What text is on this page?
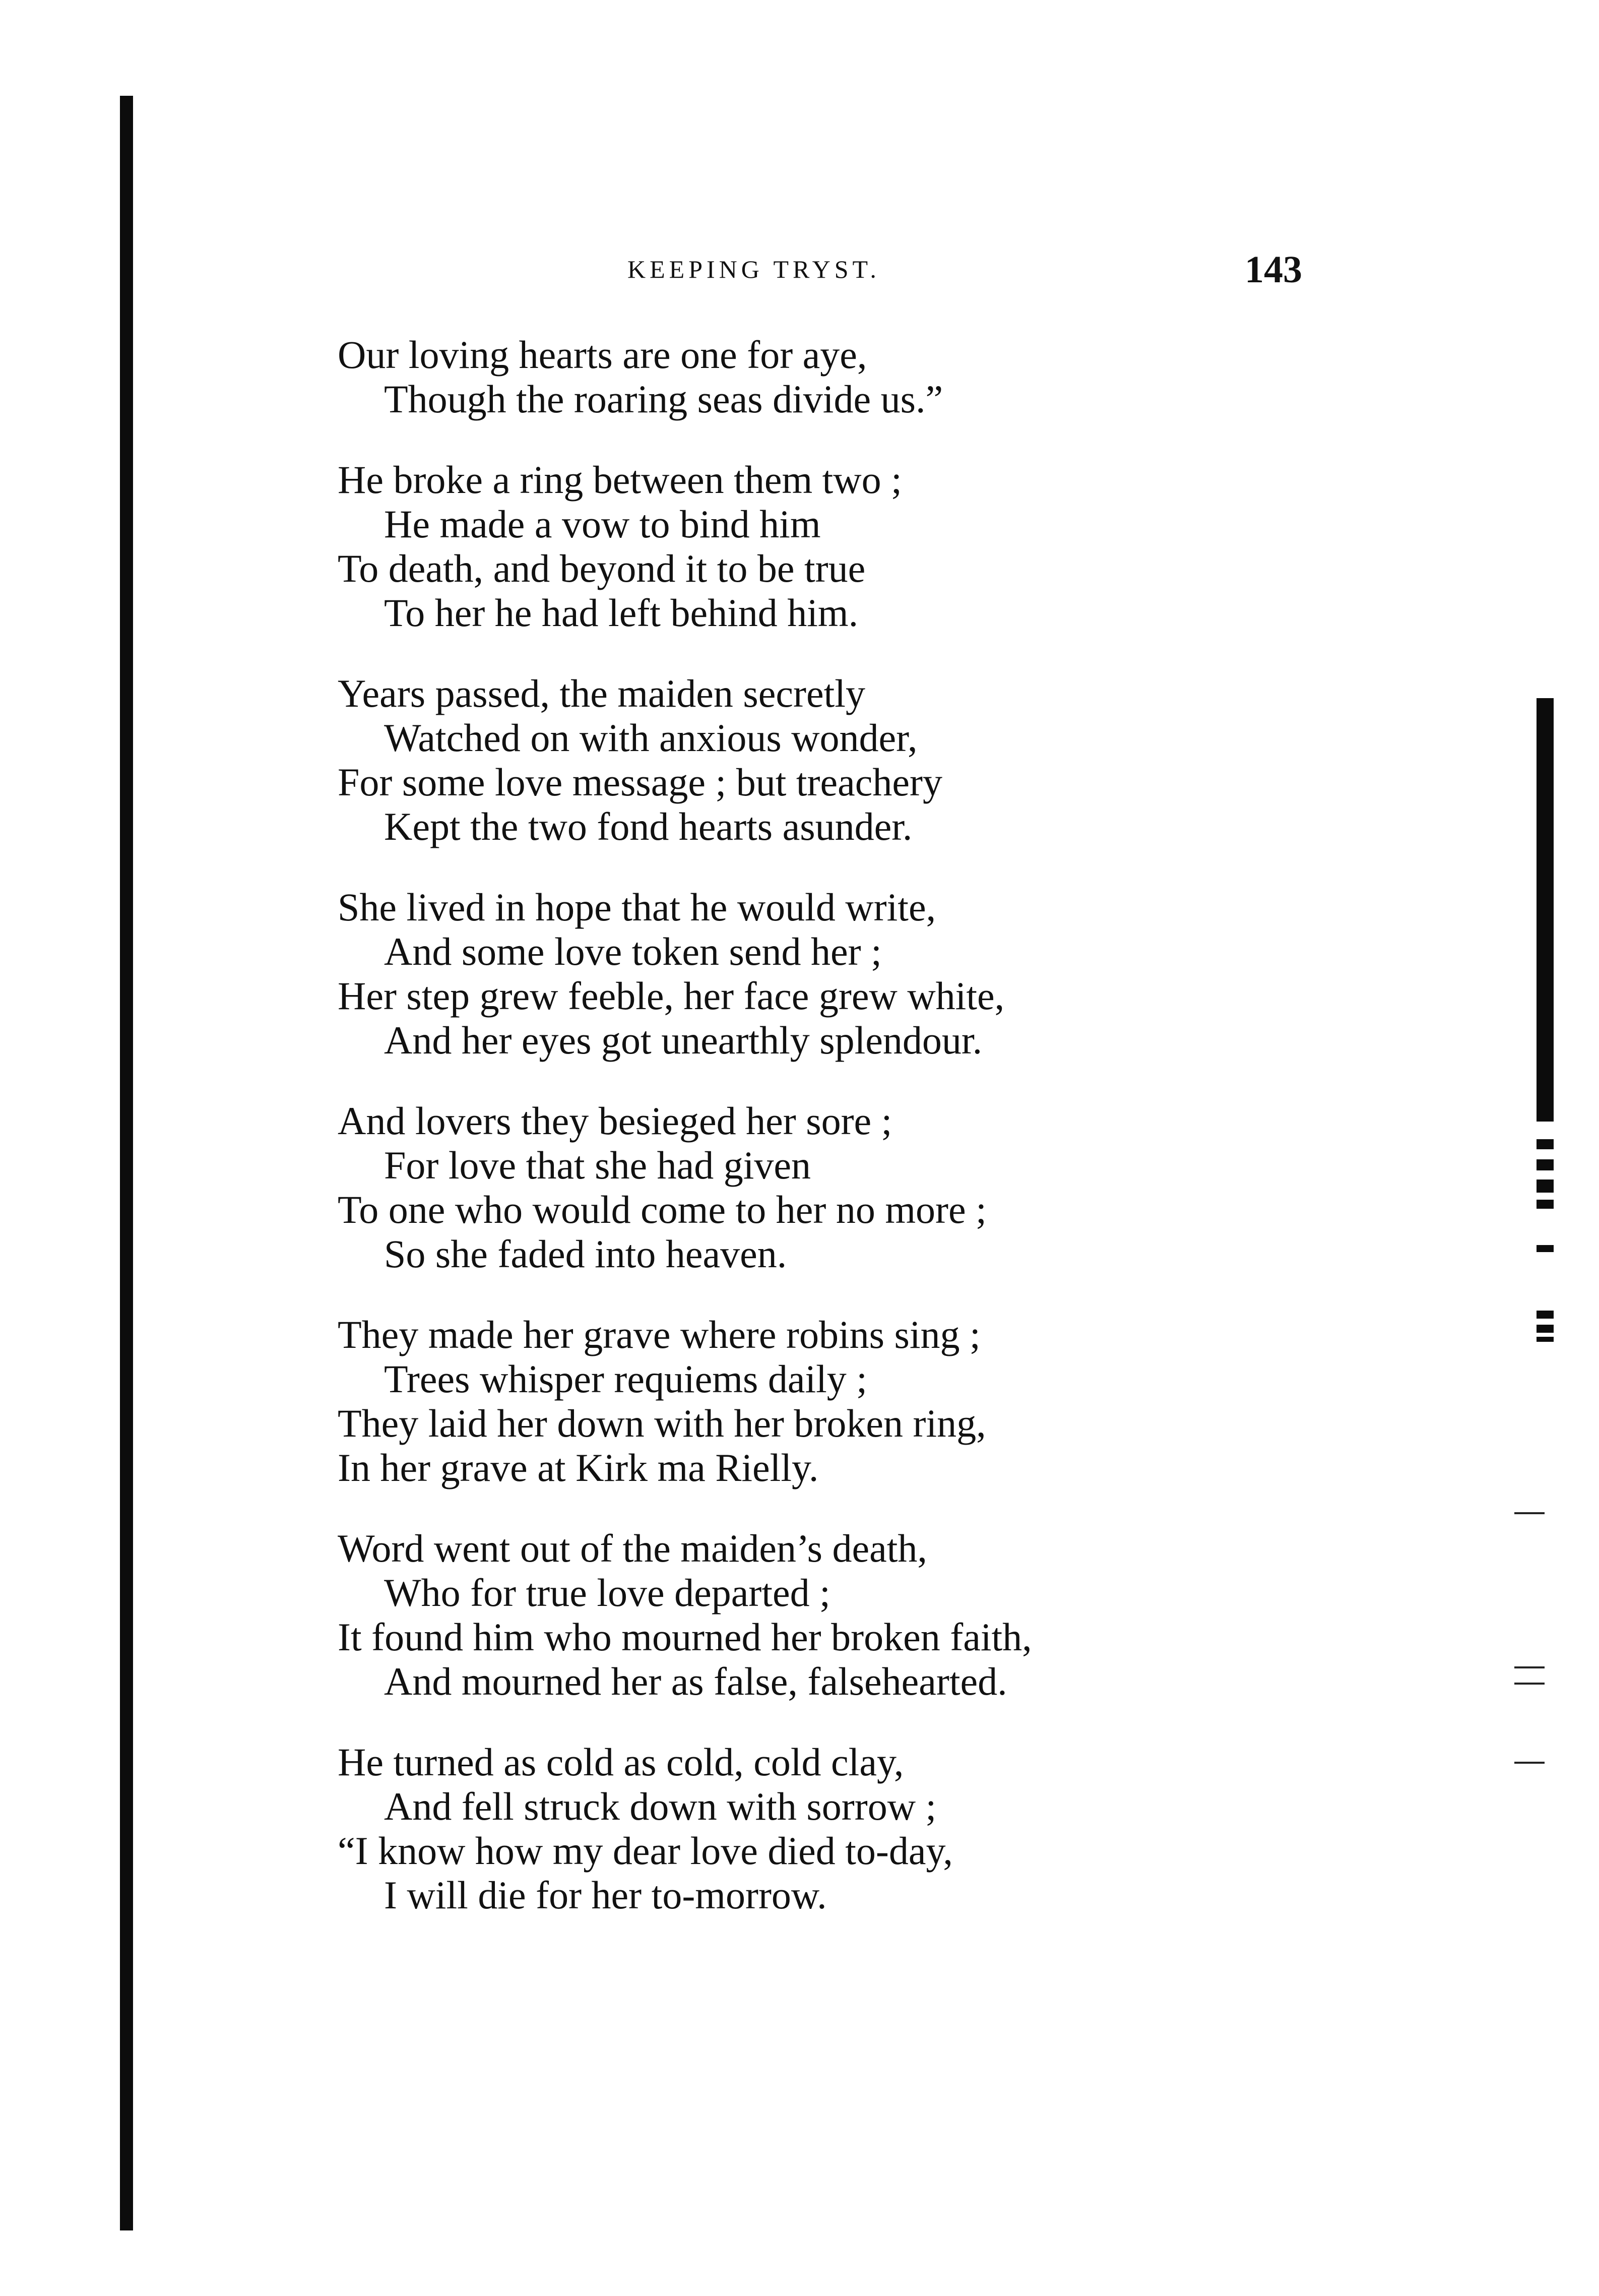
KEEPING TRYST.	143
Our loving hearts are one for aye,
Though the roaring seas divide us.”
He broke a ring between them two ;
He made a vow to bind him
To death, and beyond it to be true
To her he had left behind him.
Years passed, the maiden secretly
Watched on with anxious wonder,
For some love message ; but treachery
Kept the two fond hearts asunder.
She lived in hope that he would write,
And some love token send her ;
Her step grew feeble, her face grew white,
And her eyes got unearthly splendour.
And lovers they besieged her sore ;
For love that she had given
To one who would come to her no more ;
So she faded into heaven.
They made her grave where robins sing ;
Trees whisper requiems daily ;
They laid her down with her broken ring,
In her grave at Kirk ma Rielly.
Word went out of the maiden’s death,
Who for true love departed ;
It found him who mourned her broken faith,
And mourned her as false, falsehearted.
He turned as cold as cold, cold clay,
And fell struck down with sorrow ;
“I know how my dear love died to-day,
I will die for her to-morrow.
